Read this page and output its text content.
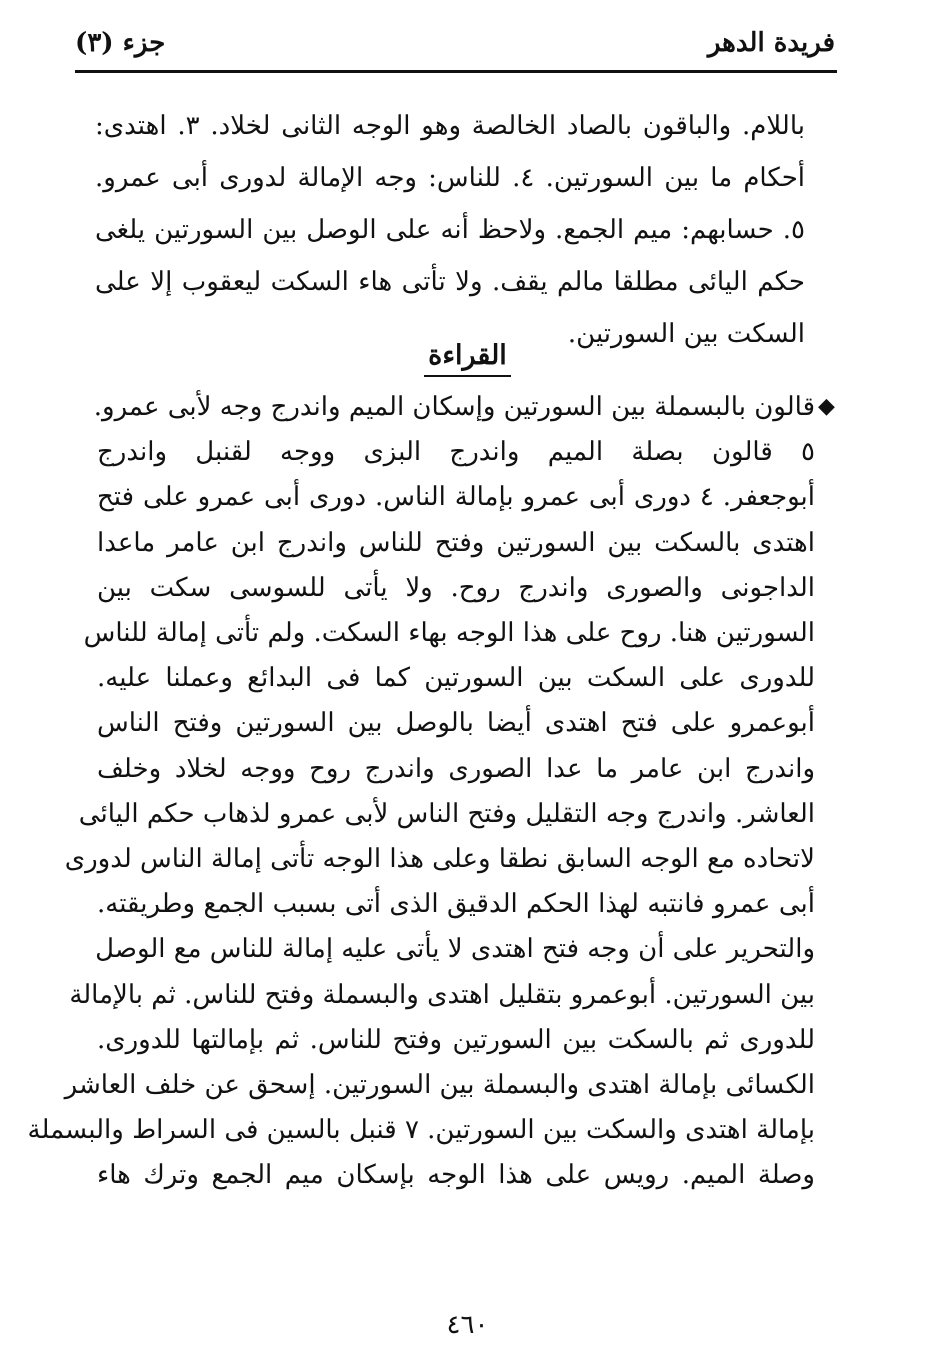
فريدة الدهر
جزء (٣)

باللام. والباقون بالصاد الخالصة وهو الوجه الثانى لخلاد. ٣. اهتدى:

أحكام ما بين السورتين. ٤. للناس: وجه الإمالة لدورى أبى عمرو.

٥. حسابهم: ميم الجمع. ولاحظ أنه على الوصل بين السورتين يلغى

حكم اليائى مطلقا مالم يقف. ولا تأتى هاء السكت ليعقوب إلا على

السكت بين السورتين.

القراءة
◆

قالون بالبسملة بين السورتين وإسكان الميم واندرج وجه لأبى عمرو.

٥ قالون بصلة الميم واندرج البزى ووجه لقنبل واندرج

أبوجعفر. ٤ دورى أبى عمرو بإمالة الناس. دورى أبى عمرو على فتح

اهتدى بالسكت بين السورتين وفتح للناس واندرج ابن عامر ماعدا

الداجونى والصورى واندرج روح. ولا يأتى للسوسى سكت بين

السورتين هنا. روح على هذا الوجه بهاء السكت. ولم تأتى إمالة للناس

للدورى على السكت بين السورتين كما فى البدائع وعملنا عليه.

أبوعمرو على فتح اهتدى أيضا بالوصل بين السورتين وفتح الناس

واندرج ابن عامر ما عدا الصورى واندرج روح ووجه لخلاد وخلف

العاشر. واندرج وجه التقليل وفتح الناس لأبى عمرو لذهاب حكم اليائى

لاتحاده مع الوجه السابق نطقا وعلى هذا الوجه تأتى إمالة الناس لدورى

أبى عمرو فانتبه لهذا الحكم الدقيق الذى أتى بسبب الجمع وطريقته.

والتحرير على أن وجه فتح اهتدى لا يأتى عليه إمالة للناس مع الوصل

بين السورتين. أبوعمرو بتقليل اهتدى والبسملة وفتح للناس. ثم بالإمالة

للدورى ثم بالسكت بين السورتين وفتح للناس. ثم بإمالتها للدورى.

الكسائى بإمالة اهتدى والبسملة بين السورتين. إسحق عن خلف العاشر

بإمالة اهتدى والسكت بين السورتين. ٧ قنبل بالسين فى السراط والبسملة

وصلة الميم. رويس على هذا الوجه بإسكان ميم الجمع وترك هاء

٤٦٠
